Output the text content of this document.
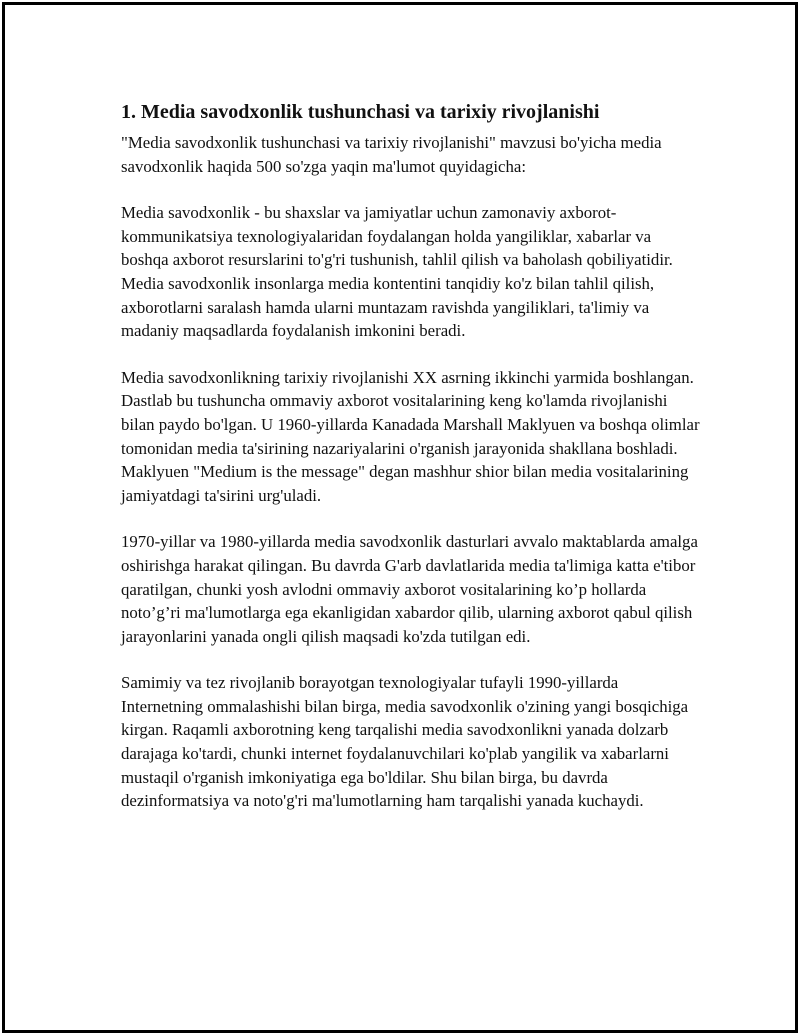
1. Media savodxonlik tushunchasi va tarixiy rivojlanishi

"Media savodxonlik tushunchasi va tarixiy rivojlanishi" mavzusi bo'yicha media savodxonlik haqida 500 so'zga yaqin ma'lumot quyidagicha:

Media savodxonlik - bu shaxslar va jamiyatlar uchun zamonaviy axborot-kommunikatsiya texnologiyalaridan foydalangan holda yangiliklar, xabarlar va boshqa axborot resurslarini to'g'ri tushunish, tahlil qilish va baholash qobiliyatidir. Media savodxonlik insonlarga media kontentini tanqidiy ko'z bilan tahlil qilish, axborotlarni saralash hamda ularni muntazam ravishda yangiliklari, ta'limiy va madaniy maqsadlarda foydalanish imkonini beradi.

Media savodxonlikning tarixiy rivojlanishi XX asrning ikkinchi yarmida boshlangan. Dastlab bu tushuncha ommaviy axborot vositalarining keng ko'lamda rivojlanishi bilan paydo bo'lgan. U 1960-yillarda Kanadada Marshall Maklyuen va boshqa olimlar tomonidan media ta'sirining nazariyalarini o'rganish jarayonida shakllana boshladi. Maklyuen "Medium is the message" degan mashhur shior bilan media vositalarining jamiyatdagi ta'sirini urg'uladi.

1970-yillar va 1980-yillarda media savodxonlik dasturlari avvalo maktablarda amalga oshirishga harakat qilingan. Bu davrda G'arb davlatlarida media ta'limiga katta e'tibor qaratilgan, chunki yosh avlodni ommaviy axborot vositalarining ko’p hollarda noto’g’ri ma'lumotlarga ega ekanligidan xabardor qilib, ularning axborot qabul qilish jarayonlarini yanada ongli qilish maqsadi ko'zda tutilgan edi.

Samimiy va tez rivojlanib borayotgan texnologiyalar tufayli 1990-yillarda Internetning ommalashishi bilan birga, media savodxonlik o'zining yangi bosqichiga kirgan. Raqamli axborotning keng tarqalishi media savodxonlikni yanada dolzarb darajaga ko'tardi, chunki internet foydalanuvchilari ko'plab yangilik va xabarlarni mustaqil o'rganish imkoniyatiga ega bo'ldilar. Shu bilan birga, bu davrda dezinformatsiya va noto'g'ri ma'lumotlarning ham tarqalishi yanada kuchaydi.
